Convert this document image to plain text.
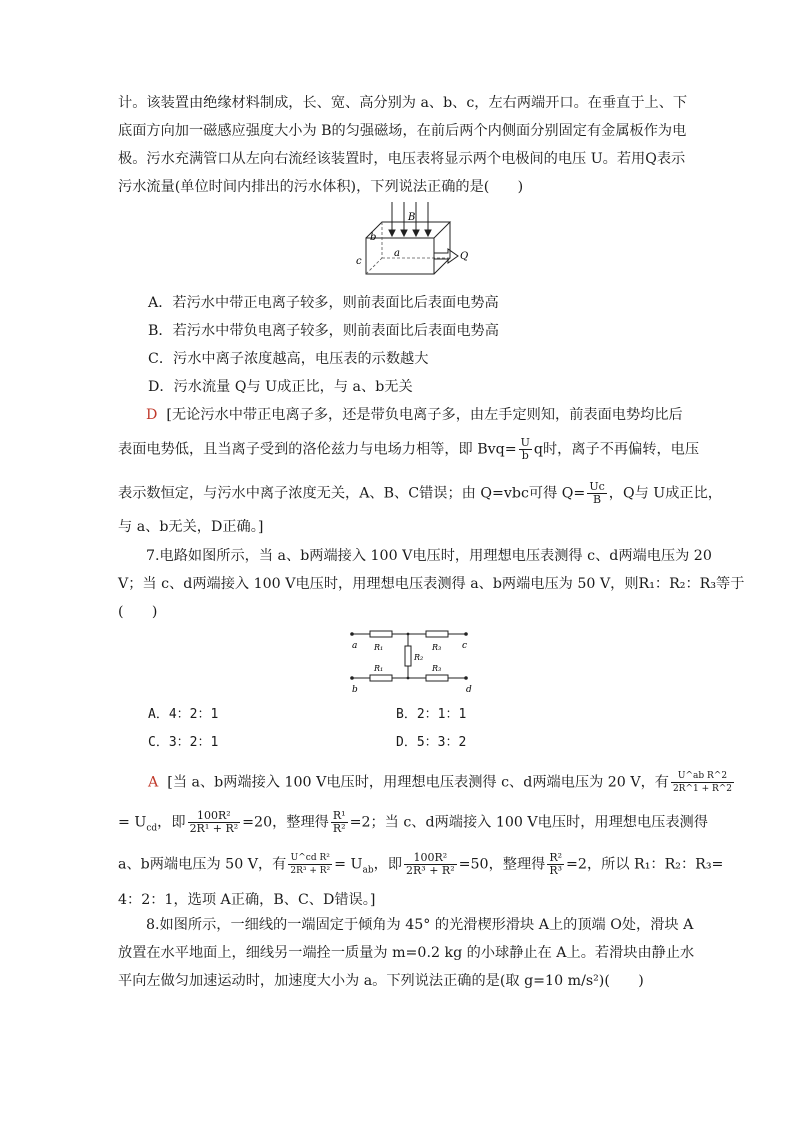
计。该装置由绝缘材料制成，长、宽、高分别为 a、b、c，左右两端开口。在垂直于上、下
底面方向加一磁感应强度大小为 B的匀强磁场，在前后两个内侧面分别固定有金属板作为电
极。污水充满管口从左向右流经该装置时，电压表将显示两个电极间的电压 U。若用Q表示
污水流量(单位时间内排出的污水体积)，下列说法正确的是(　　)
b
B
a
c	Q
A．若污水中带正电离子较多，则前表面比后表面电势高
B．若污水中带负电离子较多，则前表面比后表面电势高
C．污水中离子浓度越高，电压表的示数越大
D．污水流量 Q与 U成正比，与 a、b无关
D [无论污水中带正电离子多，还是带负电离子多，由左手定则知，前表面电势均比后
表面电势低，且当离子受到的洛伦兹力与电场力相等，即 $Bvq= \frac{U}{b}$ q时，离子不再偏转，电压
表示数恒定，与污水中离子浓度无关，A、B、C错误；由 Q=vbc可得 $Q= \frac{Uc}{B}$ ，Q与 U成正比，
与 a、b无关，D正确。]
7.电路如图所示，当 a、b两端接入 100 V电压时，用理想电压表测得 c、d两端电压为 20
V；当 c、d两端接入 100 V电压时，用理想电压表测得 a、b两端电压为 50 V，则R₁：R₂：R₃等于
(　　)
a	c
b	d
R₁	R₃
R₂
R₁	R₃
A．4：2：1	B．2：1：1
C．3：2：1	D．5：3：2
A [当 a、b两端接入 100 V电压时，用理想电压表测得 c、d两端电压为 20 V，有 $\frac{\text{U\textasciicircum{}ab R\textasciicircum{}2}}{2R\^{}1 + R\^{}2}$
= $U_{cd}$，即 $\frac{\text{100R²}}{\text{2R¹ + R²}} =20$，整理得 $\frac{\text{R¹}}{\text{R²}} =2$；当 c、d两端接入 100 V电压时，用理想电压表测得
a、b两端电压为 50 V，有 $\frac{\text{U\textasciicircum{}cd R²}}{\text{2R³ + R²}} = U_{ab}$，即 $\frac{\text{100R²}}{\text{2R³ + R²}} =50$，整理得 $\frac{\text{R²}}{\text{R³}} =2$，所以 R₁：R₂：R₃=
4：2：1，选项 A正确，B、C、D错误。]
8.如图所示，一细线的一端固定于倾角为 45° 的光滑楔形滑块 A上的顶端 O处，滑块 A
放置在水平地面上，细线另一端拴一质量为 m=0.2 kg 的小球静止在 A上。若滑块由静止水
平向左做匀加速运动时，加速度大小为 a。下列说法正确的是(取 g=10 m/s²)(　　)
